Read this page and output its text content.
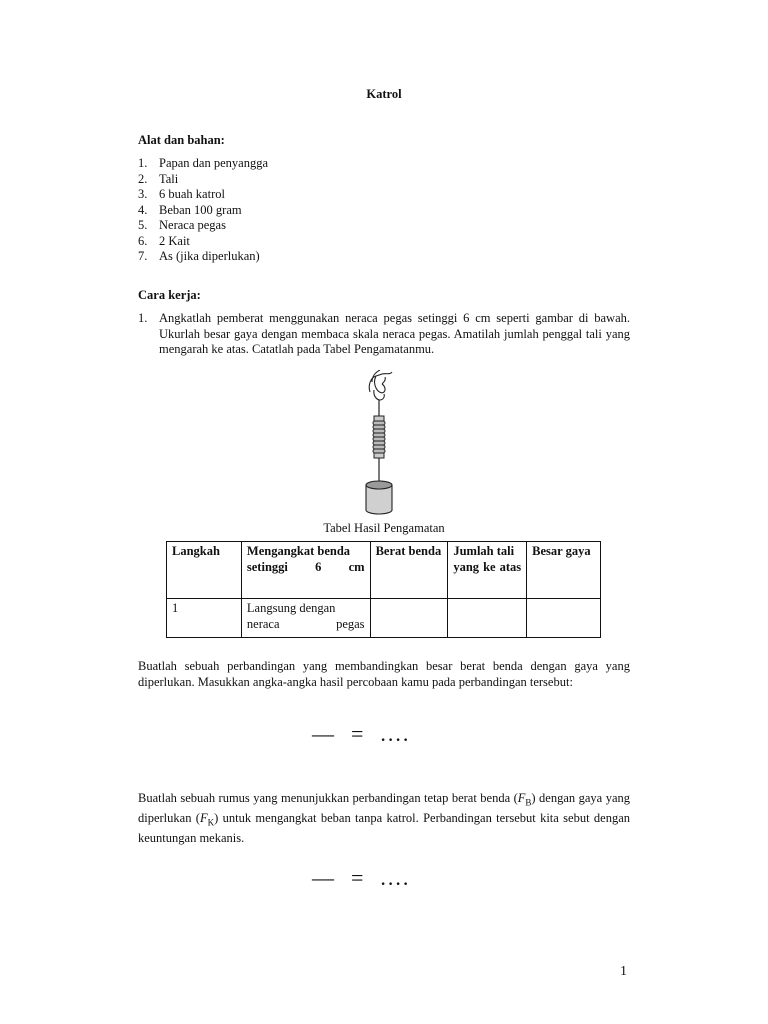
Katrol
Alat dan bahan:
1. Papan dan penyangga
2. Tali
3. 6 buah katrol
4. Beban 100 gram
5. Neraca pegas
6. 2 Kait
7. As (jika diperlukan)
Cara kerja:
1. Angkatlah pemberat menggunakan neraca pegas setinggi 6 cm seperti gambar di bawah. Ukurlah besar gaya dengan membaca skala neraca pegas. Amatilah jumlah penggal tali yang mengarah ke atas. Catatlah pada Tabel Pengamatanmu.
Tabel Hasil Pengamatan
Langkah	Mengangkat benda setinggi 6 cm	Berat benda	Jumlah tali yang ke atas	Besar gaya
1	Langsung dengan neraca pegas			
Buatlah sebuah perbandingan yang membandingkan besar berat benda dengan gaya yang diperlukan. Masukkan angka-angka hasil percobaan kamu pada perbandingan tersebut:
—  =  ....
Buatlah sebuah rumus yang menunjukkan perbandingan tetap berat benda $(F_B)$ dengan gaya yang diperlukan $(F_K)$ untuk mengangkat beban tanpa katrol. Perbandingan tersebut kita sebut dengan keuntungan mekanis.
—  =  ....
1
